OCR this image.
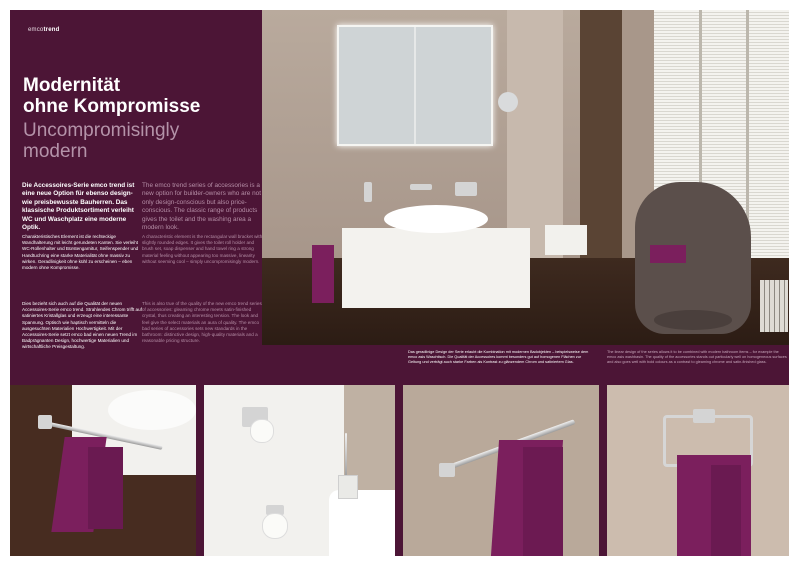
emcotrend
Modernität
ohne Kompromisse
Uncompromisingly
modern
Die Accessoires-Serie emco trend ist eine neue Option für ebenso design- wie preisbewusste Bauherren. Das klassische Produktsortiment verleiht WC und Waschplatz eine moderne Optik.
The emco trend series of accessories is a new option for builder-owners who are not only design-conscious but also price-conscious. The classic range of products gives the toilet and the washing area a modern look.
Charakteristisches Element ist die rechteckige Wandhalterung mit leicht gerundeten Kanten. Sie verleiht WC-Rollenhalter und Bürstengarnitur, Seifenspender und Handtuchring eine starke Materialität ohne massiv zu wirken. Geradlinigkeit ohne kühl zu erscheinen – eben modern ohne Kompromisse.
A characteristic element is the rectangular wall bracket with slightly rounded edges. It gives the toilet roll holder and brush set, soap dispenser and hand towel ring a strong material feeling without appearing too massive, linearity without seeming cool – simply uncompromisingly modern.
Dies bezieht sich auch auf die Qualität der neuen Accessoires-Serie emco trend. Strahlendes Chrom trifft auf satiniertes Kristallglas und erzeugt eine interessante Spannung. Optisch wie haptisch vermitteln die ausgesuchten Materialien Hochwertigkeit. Mit der Accessoires-Serie setzt emco bad einen neuen Trend im Badprägnanten Design, hochwertige Materialien und wirtschaftliche Preisgestaltung.
This is also true of the quality of the new emco trend series of accessories: gleaming chrome meets satin-finished crystal, thus creating an interesting tension. The look and feel give the select materials an aura of quality. The emco bad series of accessories sets new standards in the bathroom: distinctive design, high-quality materials and a reasonable pricing structure.
Das geradlinige Design der Serie erlaubt die Kombination mit modernen Badobjekten – beispielsweise dem emco asis Waschtisch. Die Qualität der Accessoires kommt besonders gut auf homogenen Flächen zur Geltung und verträgt auch starke Farben als Kontrast zu glänzendem Chrom und satiniertem Glas.
The linear design of the series allows it to be combined with modern bathroom items – for example the emco asis washbasin. The quality of the accessories stands out particularly well on homogeneous surfaces and also goes well with bold colours as a contrast to gleaming chrome and satin-finished glass.
